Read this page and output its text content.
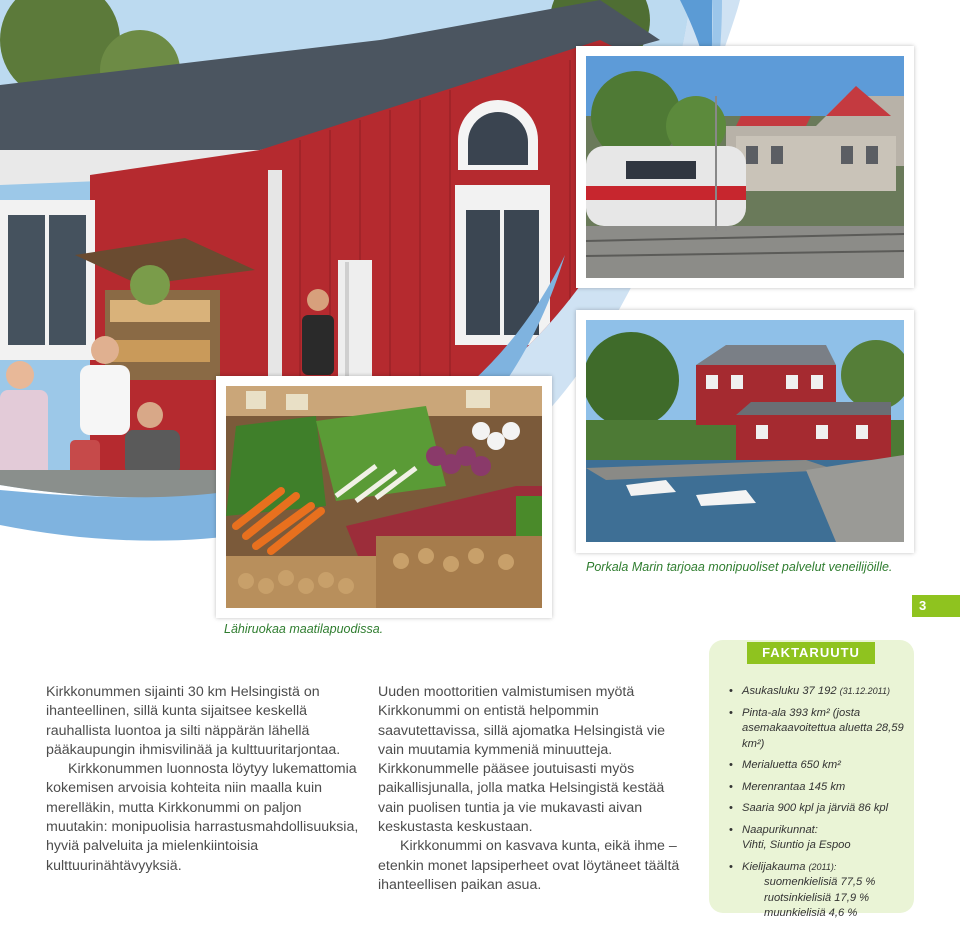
Lähiruokaa maatilapuodissa.
Porkala Marin tarjoaa monipuoliset palvelut veneilijöille.
3

Kirkkonummen sijainti 30 km Helsingistä on ihanteellinen, sillä kunta sijaitsee keskellä rauhallista luontoa ja silti näppärän lähellä pääkaupungin ihmisvilinää ja kulttuuritarjontaa.

Kirkkonummen luonnosta löytyy lukemattomia kokemisen arvoisia kohteita niin maalla kuin merelläkin, mutta Kirkkonummi on paljon muutakin: monipuolisia harrastusmahdollisuuksia, hyviä palveluita ja mielenkiintoisia kulttuurinähtävyyksiä.

Uuden moottoritien valmistumisen myötä Kirkkonummi on entistä helpommin saavutettavissa, sillä ajomatka Helsingistä vie vain muutamia kymmeniä minuutteja. Kirkkonummelle pääsee joutuisasti myös paikallisjunalla, jolla matka Helsingistä kestää vain puolisen tuntia ja vie mukavasti aivan keskustasta keskustaan.

Kirkkonummi on kasvava kunta, eikä ihme – etenkin monet lapsiperheet ovat löytäneet täältä ihanteellisen paikan asua.

• Asukasluku 37 192 (31.12.2011)
• Pinta-ala 393 km² (josta asemakaavoitettua aluetta 28,59 km²)
• Merialuetta 650 km²
• Merenrantaa 145 km
• Saaria 900 kpl ja järviä 86 kpl
• Naapurikunnat:
Vihti, Siuntio ja Espoo
• Kielijakauma (2011):
suomenkielisiä 77,5 %
ruotsinkielisiä 17,9 %
muunkielisiä 4,6 %
FAKTARUUTU
